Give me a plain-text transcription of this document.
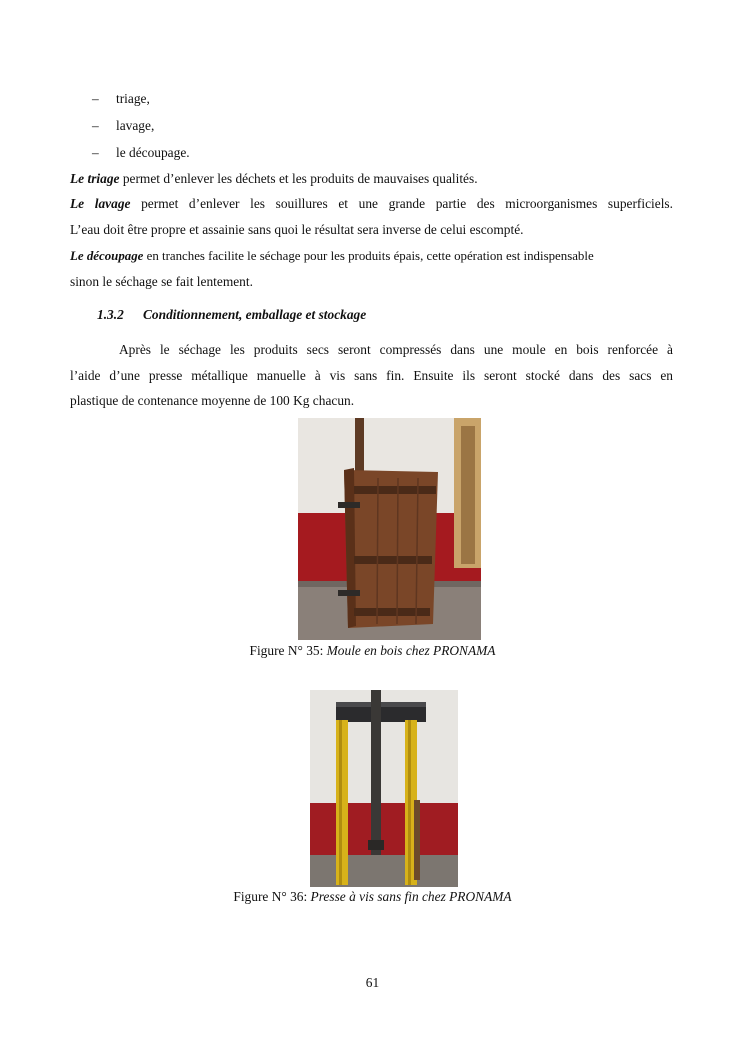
– triage,
– lavage,
– le découpage.
Le triage permet d’enlever les déchets et les produits de mauvaises qualités.
Le lavage permet d’enlever les souillures et une grande partie des microorganismes superficiels.
L’eau doit être propre et assainie sans quoi le résultat sera inverse de celui escompté.
Le découpage en tranches facilite le séchage pour les produits épais, cette opération est indispensable
sinon le séchage se fait lentement.
1.3.2 Conditionnement, emballage et stockage
Après le séchage les produits secs seront compressés dans une moule en bois renforcée à
l’aide d’une presse métallique manuelle à vis sans fin. Ensuite ils seront stocké dans des sacs en
plastique de contenance moyenne de 100 Kg chacun.
Figure N° 35: Moule en bois chez PRONAMA
Figure N° 36: Presse à vis sans fin chez PRONAMA
61
